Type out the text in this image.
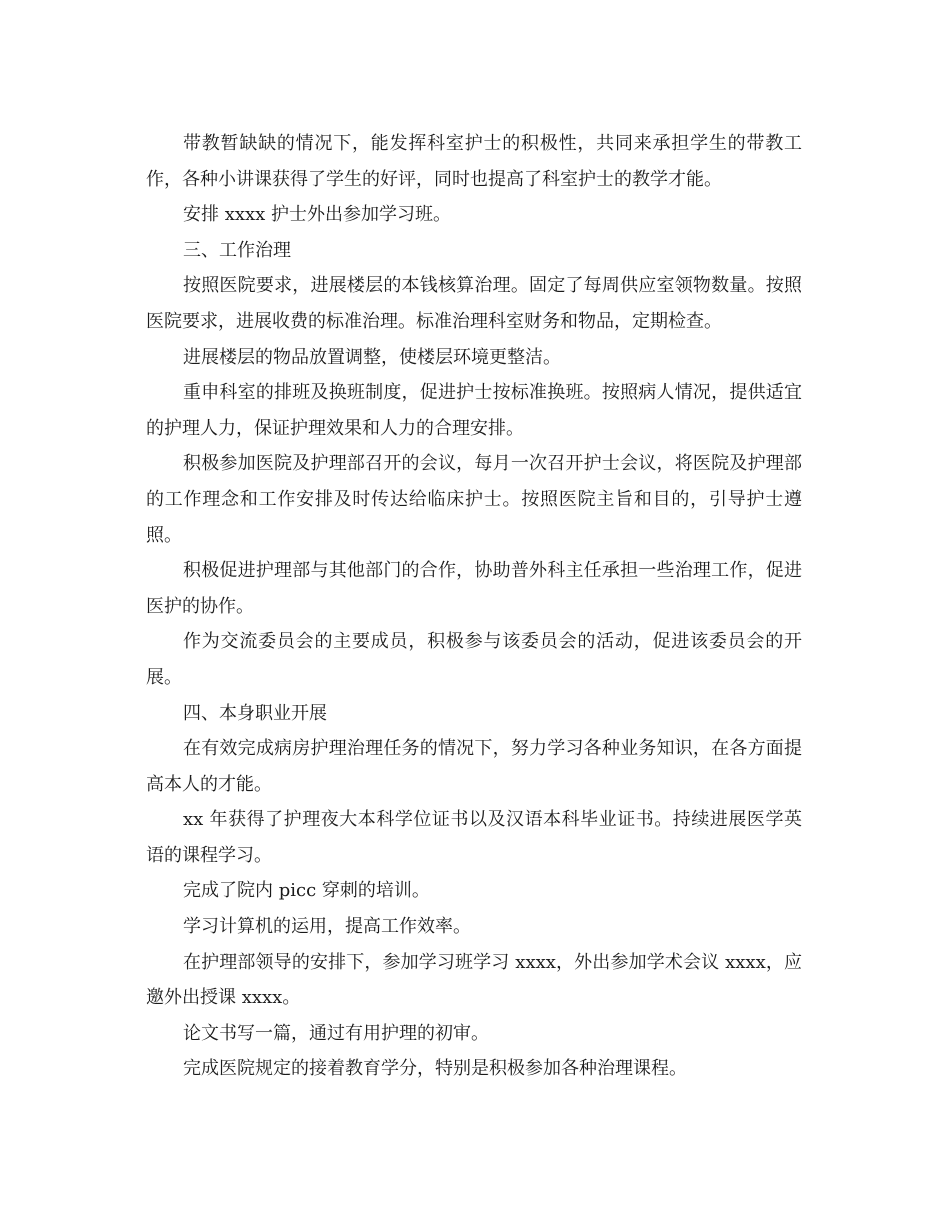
带教暂缺缺的情况下，能发挥科室护士的积极性，共同来承担学生的带教工作，各种小讲课获得了学生的好评，同时也提高了科室护士的教学才能。

安排 xxxx 护士外出参加学习班。

三、工作治理

按照医院要求，进展楼层的本钱核算治理。固定了每周供应室领物数量。按照医院要求，进展收费的标准治理。标准治理科室财务和物品，定期检查。

进展楼层的物品放置调整，使楼层环境更整洁。

重申科室的排班及换班制度，促进护士按标准换班。按照病人情况，提供适宜的护理人力，保证护理效果和人力的合理安排。

积极参加医院及护理部召开的会议，每月一次召开护士会议，将医院及护理部的工作理念和工作安排及时传达给临床护士。按照医院主旨和目的，引导护士遵照。

积极促进护理部与其他部门的合作，协助普外科主任承担一些治理工作，促进医护的协作。

作为交流委员会的主要成员，积极参与该委员会的活动，促进该委员会的开展。

四、本身职业开展

在有效完成病房护理治理任务的情况下，努力学习各种业务知识，在各方面提高本人的才能。

xx 年获得了护理夜大本科学位证书以及汉语本科毕业证书。持续进展医学英语的课程学习。

完成了院内 picc 穿刺的培训。

学习计算机的运用，提高工作效率。

在护理部领导的安排下，参加学习班学习 xxxx，外出参加学术会议 xxxx，应邀外出授课 xxxx。

论文书写一篇，通过有用护理的初审。

完成医院规定的接着教育学分，特别是积极参加各种治理课程。
